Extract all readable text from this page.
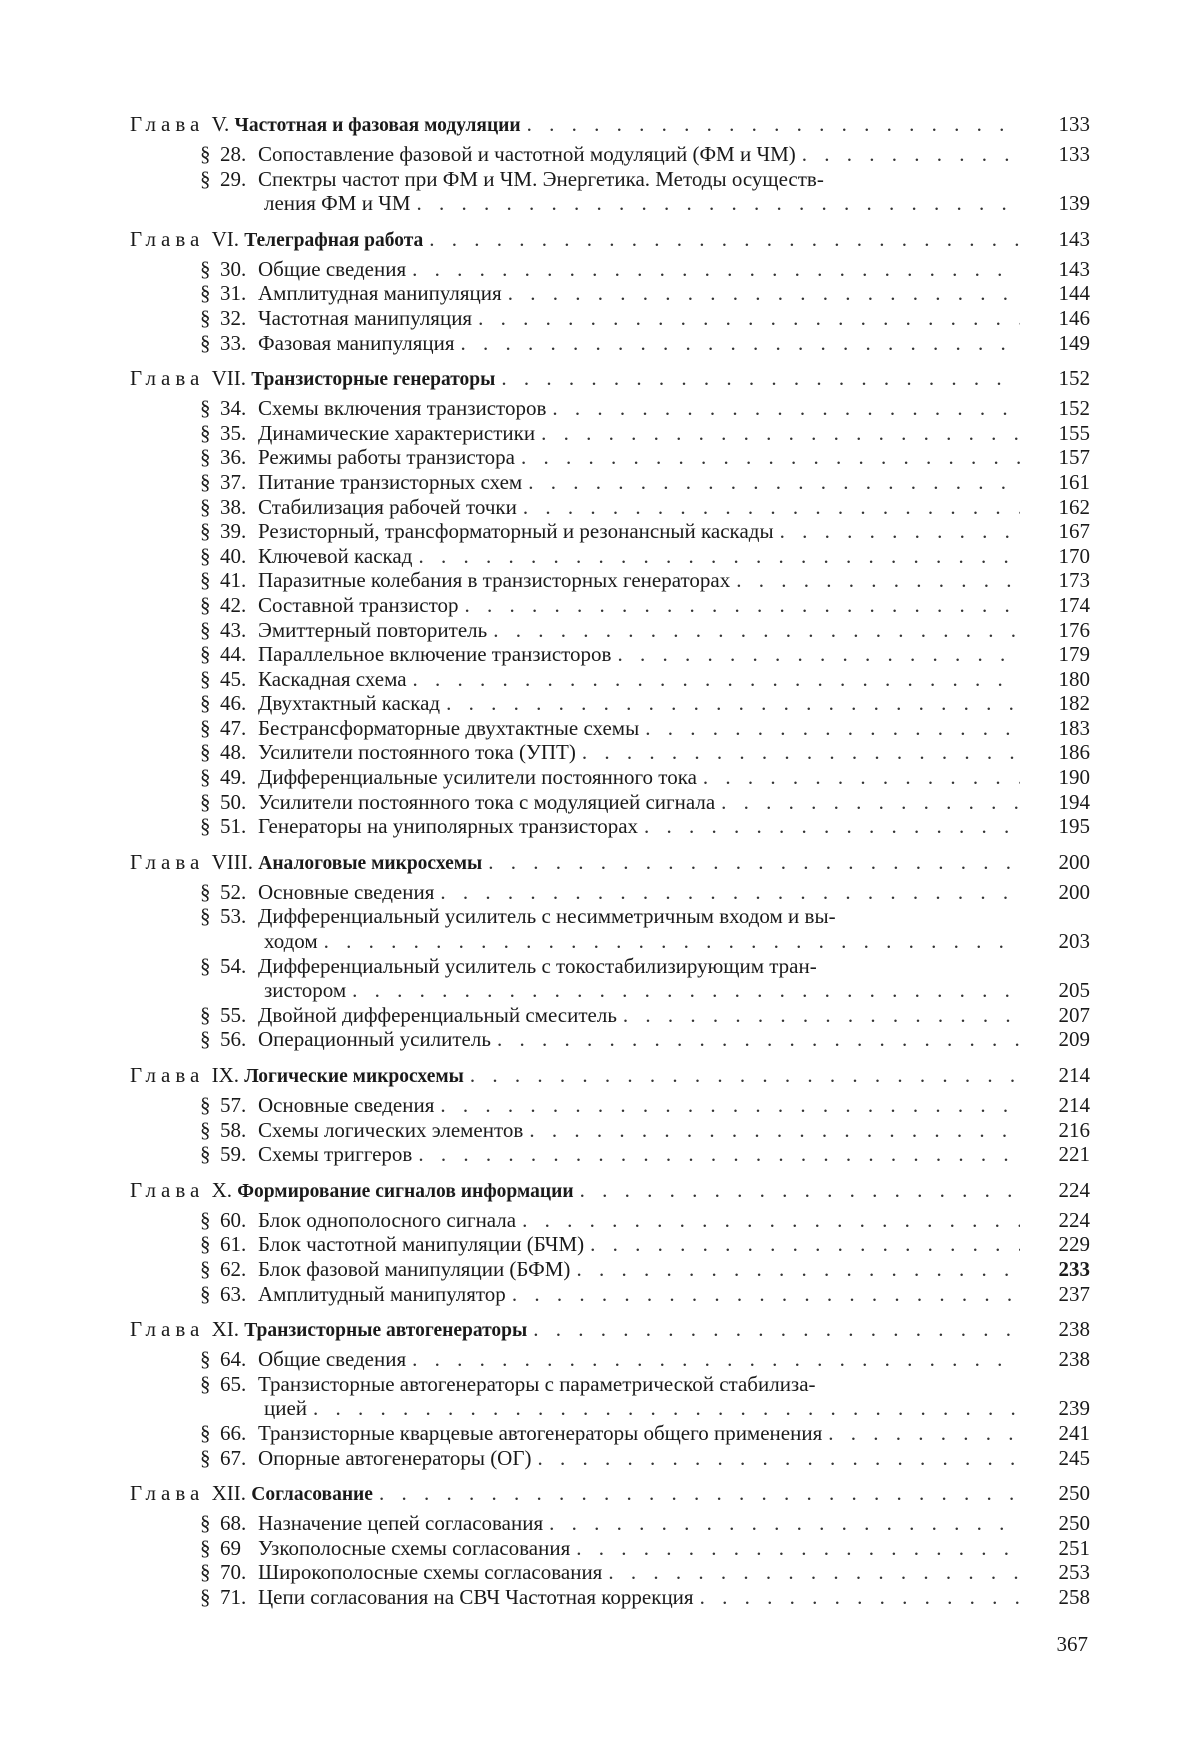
Глава V. Частотная и фазовая модуляции . . .	133
§ 28. Сопоставление фазовой и частотной модуляций (ФМ и ЧМ) . . .	133
§ 29. Спектры частот при ФМ и ЧМ. Энергетика. Методы осуществ-
ления ФМ и ЧМ . . .	139
Глава VI. Телеграфная работа . . .	143
§ 30. Общие сведения . . .	143
§ 31. Амплитудная манипуляция . . .	144
§ 32. Частотная манипуляция . . .	146
§ 33. Фазовая манипуляция . . .	149
Глава VII. Транзисторные генераторы . . .	152
§ 34. Схемы включения транзисторов . . .	152
§ 35. Динамические характеристики . . .	155
§ 36. Режимы работы транзистора . . .	157
§ 37. Питание транзисторных схем . . .	161
§ 38. Стабилизация рабочей точки . . .	162
§ 39. Резисторный, трансформаторный и резонансный каскады . . .	167
§ 40. Ключевой каскад . . .	170
§ 41. Паразитные колебания в транзисторных генераторах . . .	173
§ 42. Составной транзистор . . .	174
§ 43. Эмиттерный повторитель . . .	176
§ 44. Параллельное включение транзисторов . . .	179
§ 45. Каскадная схема . . .	180
§ 46. Двухтактный каскад . . .	182
§ 47. Бестрансформаторные двухтактные схемы . . .	183
§ 48. Усилители постоянного тока (УПТ) . . .	186
§ 49. Дифференциальные усилители постоянного тока . . .	190
§ 50. Усилители постоянного тока с модуляцией сигнала . . .	194
§ 51. Генераторы на униполярных транзисторах . . .	195
Глава VIII. Аналоговые микросхемы . . .	200
§ 52. Основные сведения . . .	200
§ 53. Дифференциальный усилитель с несимметричным входом и вы-
ходом . . .	203
§ 54. Дифференциальный усилитель с токостабилизирующим тран-
зистором . . .	205
§ 55. Двойной дифференциальный смеситель . . .	207
§ 56. Операционный усилитель . . .	209
Глава IX. Логические микросхемы . . .	214
§ 57. Основные сведения . . .	214
§ 58. Схемы логических элементов . . .	216
§ 59. Схемы триггеров . . .	221
Глава X. Формирование сигналов информации . . .	224
§ 60. Блок однополосного сигнала . . .	224
§ 61. Блок частотной манипуляции (БЧМ) . . .	229
§ 62. Блок фазовой манипуляции (БФМ) . . .	233
§ 63. Амплитудный манипулятор . . .	237
Глава XI. Транзисторные автогенераторы . . .	238
§ 64. Общие сведения . . .	238
§ 65. Транзисторные автогенераторы с параметрической стабилиза-
цией . . .	239
§ 66. Транзисторные кварцевые автогенераторы общего применения . . .	241
§ 67. Опорные автогенераторы (ОГ) . . .	245
Глава XII. Согласование . . .	250
§ 68. Назначение цепей согласования . . .	250
§ 69 Узкополосные схемы согласования . . .	251
§ 70. Широкополосные схемы согласования . . .	253
§ 71. Цепи согласования на СВЧ Частотная коррекция . . .	258
367
